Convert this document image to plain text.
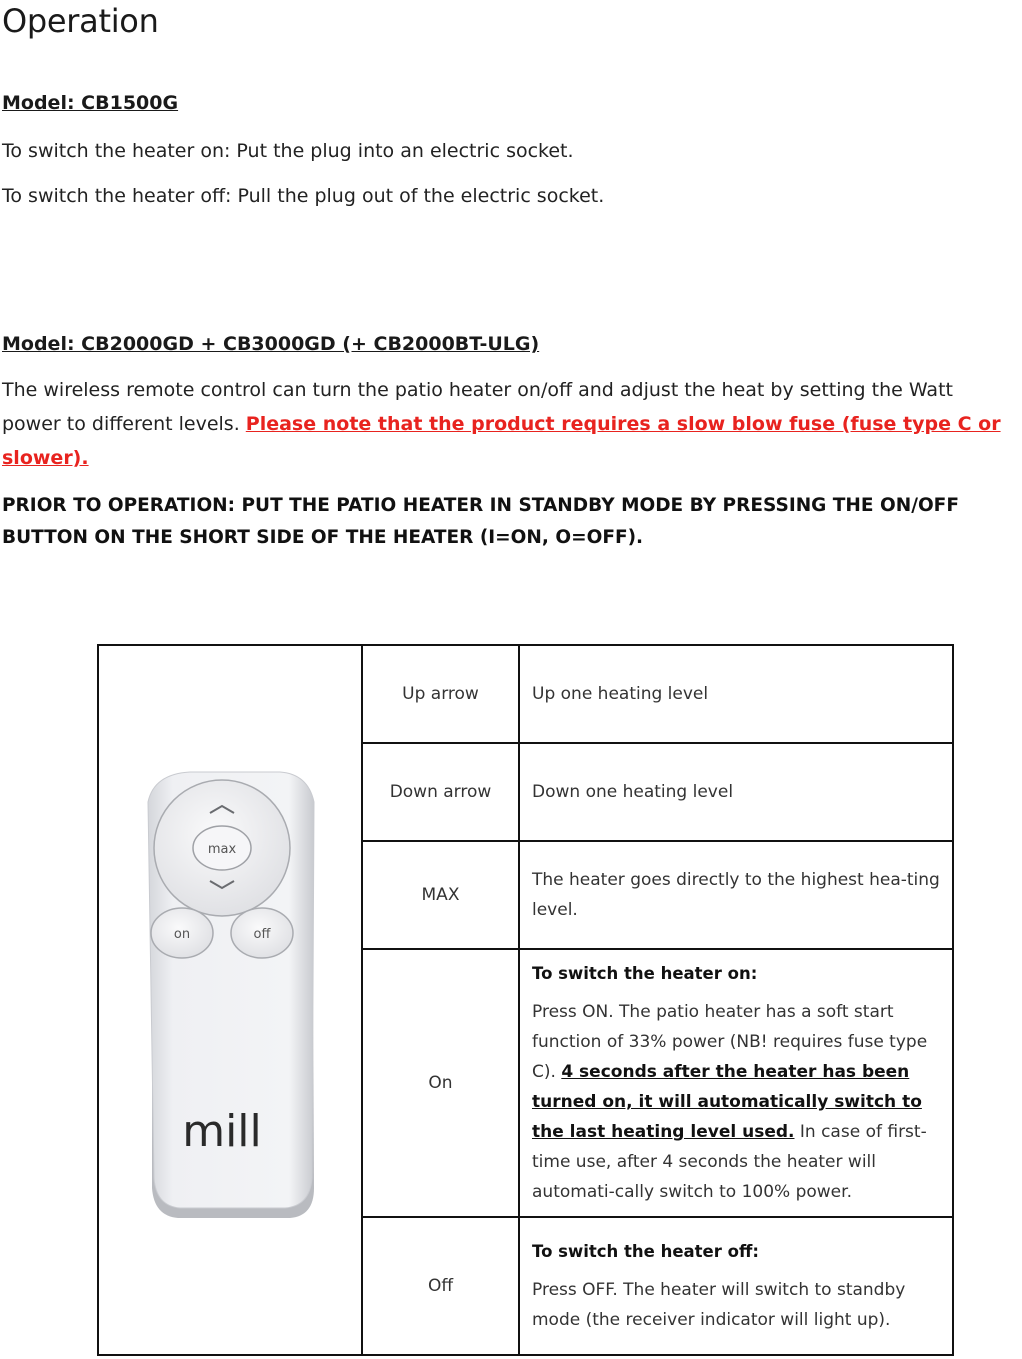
Operation
Model: CB1500G
To switch the heater on: Put the plug into an electric socket.
To switch the heater off: Pull the plug out of the electric socket.
Model: CB2000GD + CB3000GD (+ CB2000BT-ULG)
The wireless remote control can turn the patio heater on/off and adjust the heat by setting the Watt power to different levels. Please note that the product requires a slow blow fuse (fuse type C or slower).
PRIOR TO OPERATION: PUT THE PATIO HEATER IN STANDBY MODE BY PRESSING THE ON/OFF BUTTON ON THE SHORT SIDE OF THE HEATER (I=ON, O=OFF).
max
on off
mill	Up arrow	Up one heating level
	Down arrow	Down one heating level
	MAX	The heater goes directly to the highest hea-ting level.
	On	To switch the heater on:
Press ON. The patio heater has a soft start function of 33% power (NB! requires fuse type C). 4 seconds after the heater has been turned on, it will automatically switch to the last heating level used. In case of first-time use, after 4 seconds the heater will automati-cally switch to 100% power.
	Off	To switch the heater off:
Press OFF. The heater will switch to standby mode (the receiver indicator will light up).
